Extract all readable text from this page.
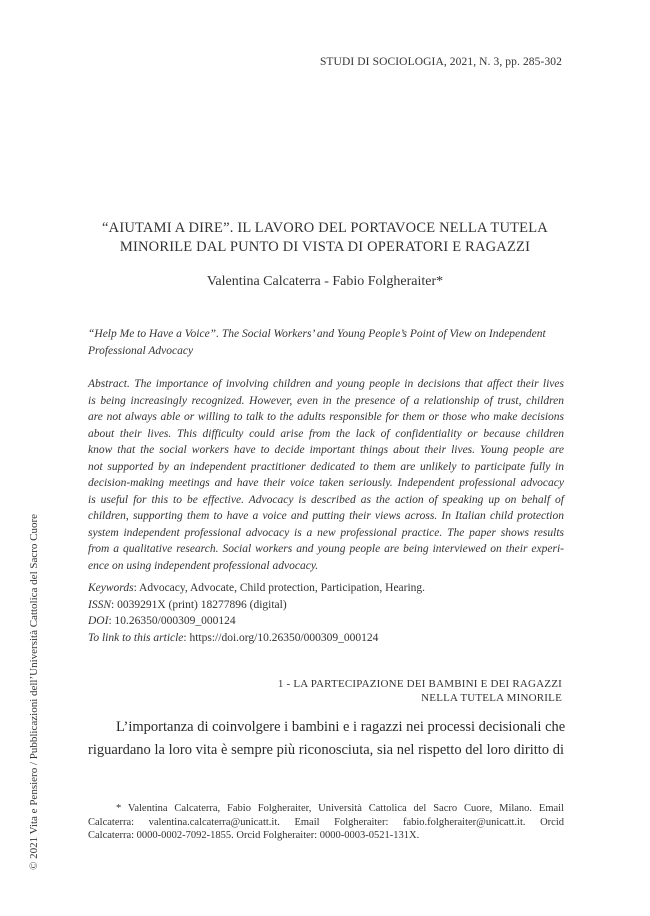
STUDI DI SOCIOLOGIA, 2021, N. 3, pp. 285-302
“AIUTAMI A DIRE”. IL LAVORO DEL PORTAVOCE NELLA TUTELA
MINORILE DAL PUNTO DI VISTA DI OPERATORI E RAGAZZI
Valentina Calcaterra - Fabio Folgheraiter*
“Help Me to Have a Voice”. The Social Workers’ and Young People’s Point of View on Independent
Professional Advocacy
Abstract. The importance of involving children and young people in decisions that affect their lives
is being increasingly recognized. However, even in the presence of a relationship of trust, children
are not always able or willing to talk to the adults responsible for them or those who make decisions
about their lives. This difficulty could arise from the lack of confidentiality or because children
know that the social workers have to decide important things about their lives. Young people are
not supported by an independent practitioner dedicated to them are unlikely to participate fully in
decision-making meetings and have their voice taken seriously. Independent professional advocacy
is useful for this to be effective. Advocacy is described as the action of speaking up on behalf of
children, supporting them to have a voice and putting their views across. In Italian child protection
system independent professional advocacy is a new professional practice. The paper shows results
from a qualitative research. Social workers and young people are being interviewed on their experi-
ence on using independent professional advocacy.
Keywords: Advocacy, Advocate, Child protection, Participation, Hearing.
ISSN: 0039291X (print) 18277896 (digital)
DOI: 10.26350/000309_000124
To link to this article: https://doi.org/10.26350/000309_000124
1 - LA PARTECIPAZIONE DEI BAMBINI E DEI RAGAZZI
NELLA TUTELA MINORILE
L’importanza di coinvolgere i bambini e i ragazzi nei processi decisionali che
riguardano la loro vita è sempre più riconosciuta, sia nel rispetto del loro diritto di
* Valentina Calcaterra, Fabio Folgheraiter, Università Cattolica del Sacro Cuore, Milano. Email
Calcaterra: valentina.calcaterra@unicatt.it. Email Folgheraiter: fabio.folgheraiter@unicatt.it. Orcid
Calcaterra: 0000-0002-7092-1855. Orcid Folgheraiter: 0000-0003-0521-131X.
© 2021 Vita e Pensiero / Pubblicazioni dell’Università Cattolica del Sacro Cuore
